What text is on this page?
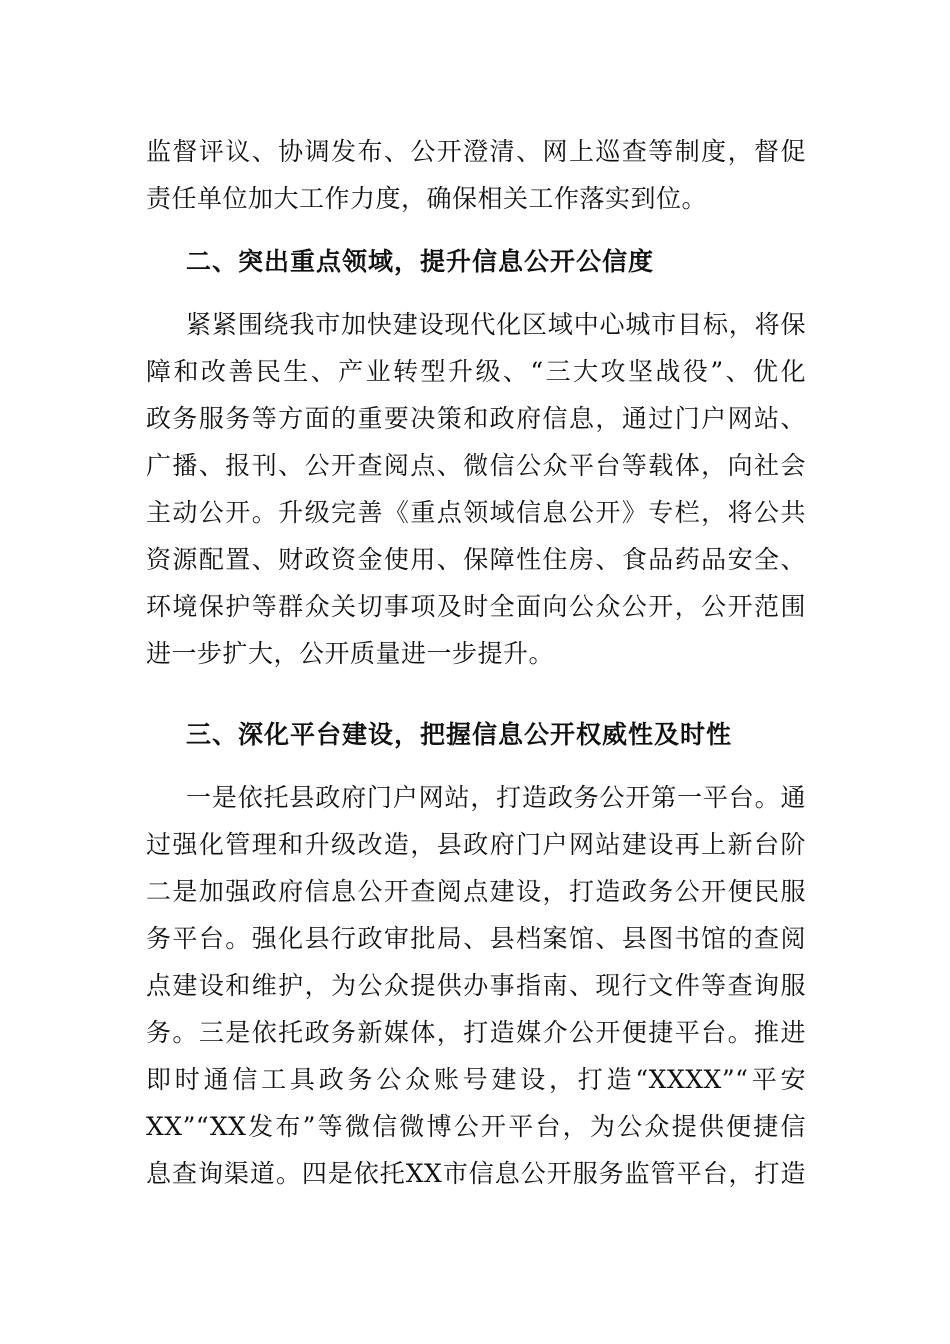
监督评议、协调发布、公开澄清、网上巡查等制度，督促
责任单位加大工作力度，确保相关工作落实到位。
二、突出重点领域，提升信息公开公信度
紧紧围绕我市加快建设现代化区域中心城市目标，将保
障和改善民生、产业转型升级、“三大攻坚战役”、优化
政务服务等方面的重要决策和政府信息，通过门户网站、
广播、报刊、公开查阅点、微信公众平台等载体，向社会
主动公开。升级完善《重点领域信息公开》专栏，将公共
资源配置、财政资金使用、保障性住房、食品药品安全、
环境保护等群众关切事项及时全面向公众公开，公开范围
进一步扩大，公开质量进一步提升。
三、深化平台建设，把握信息公开权威性及时性
一是依托县政府门户网站，打造政务公开第一平台。通
过强化管理和升级改造，县政府门户网站建设再上新台阶
二是加强政府信息公开查阅点建设，打造政务公开便民服
务平台。强化县行政审批局、县档案馆、县图书馆的查阅
点建设和维护，为公众提供办事指南、现行文件等查询服
务。三是依托政务新媒体，打造媒介公开便捷平台。推进
即时通信工具政务公众账号建设，打造“XXXX”“平安
XX”“XX发布”等微信微博公开平台，为公众提供便捷信
息查询渠道。四是依托XX市信息公开服务监管平台，打造
